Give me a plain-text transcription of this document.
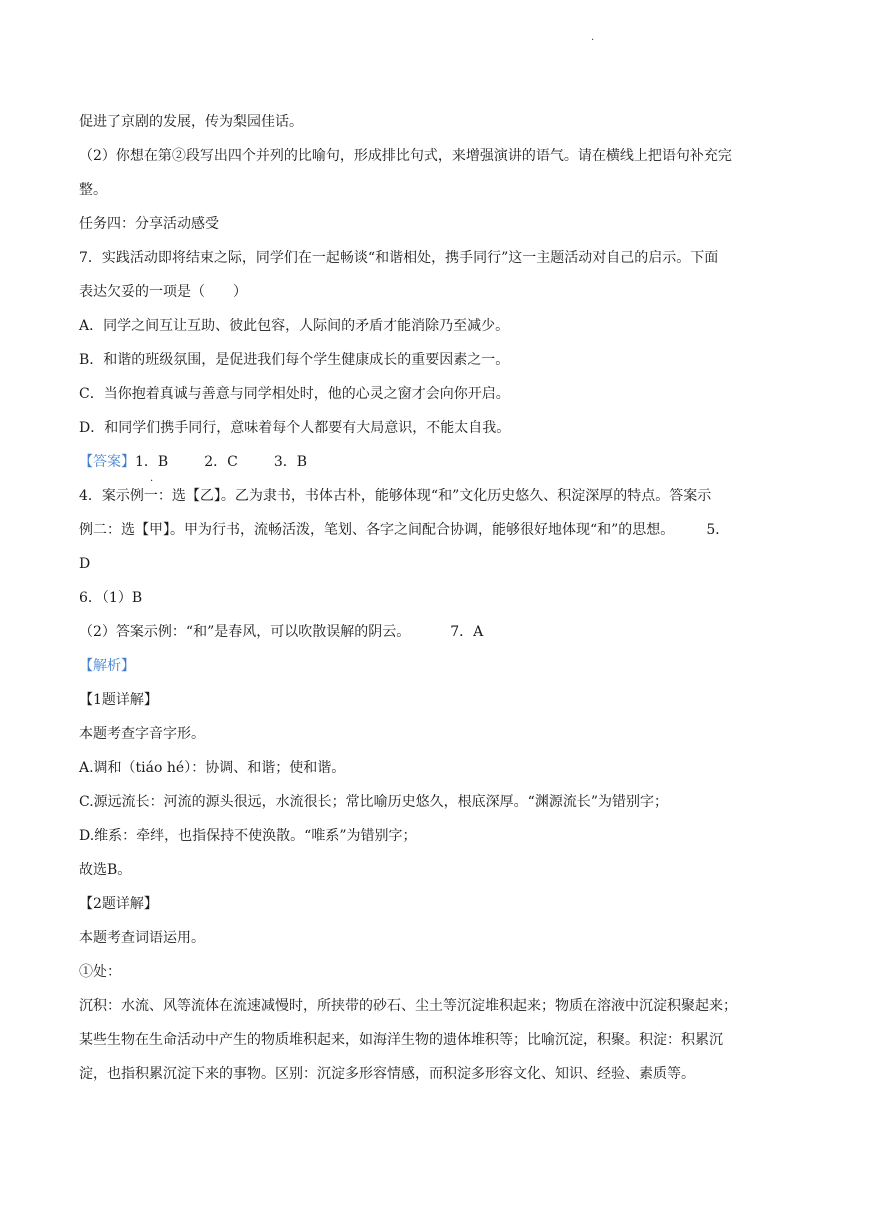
.
促进了京剧的发展，传为梨园佳话。
（2）你想在第②段写出四个并列的比喻句，形成排比句式，来增强演讲的语气。请在横线上把语句补充完
整。
任务四：分享活动感受
7．实践活动即将结束之际，同学们在一起畅谈“和谐相处，携手同行”这一主题活动对自己的启示。下面
表达欠妥的一项是（　　）
A．同学之间互让互助、彼此包容，人际间的矛盾才能消除乃至减少。
B．和谐的班级氛围，是促进我们每个学生健康成长的重要因素之一。
C．当你抱着真诚与善意与同学相处时，他的心灵之窗才会向你开启。
D．和同学们携手同行，意味着每个人都要有大局意识，不能太自我。
【答案】1．B	2．C	3．B
.
4．案示例一：选【乙】。乙为隶书，书体古朴，能够体现“和”文化历史悠久、积淀深厚的特点。答案示
例二：选【甲】。甲为行书，流畅活泼，笔划、各字之间配合协调，能够很好地体现“和”的思想。 5．
D
6．（1）B
（2）答案示例：“和”是春风，可以吹散误解的阴云。	7．A
【解析】
【1题详解】
本题考查字音字形。
A.调和（tiáo hé）：协调、和谐；使和谐。
C.源远流长：河流的源头很远，水流很长；常比喻历史悠久，根底深厚。“渊源流长”为错别字；
D.维系：牵绊，也指保持不使涣散。“唯系”为错别字；
故选B。
【2题详解】
本题考查词语运用。
①处：
沉积：水流、风等流体在流速减慢时，所挟带的砂石、尘土等沉淀堆积起来；物质在溶液中沉淀积聚起来；
某些生物在生命活动中产生的物质堆积起来，如海洋生物的遗体堆积等；比喻沉淀，积聚。积淀：积累沉
淀，也指积累沉淀下来的事物。区别：沉淀多形容情感，而积淀多形容文化、知识、经验、素质等。
